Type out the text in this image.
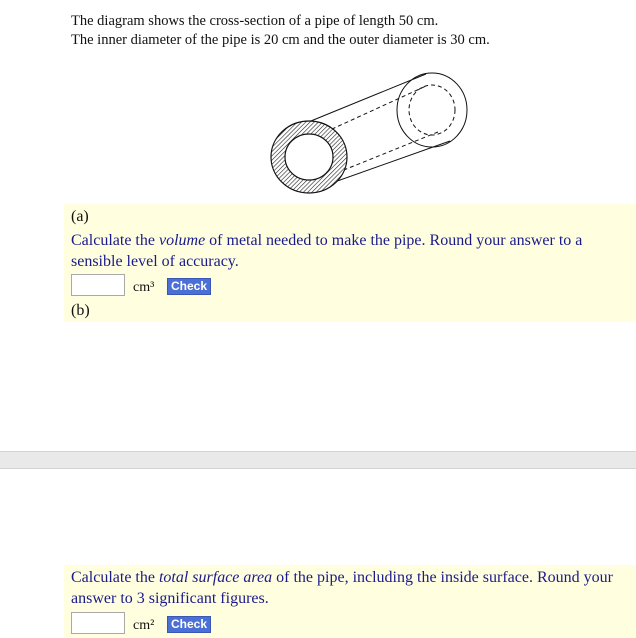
The diagram shows the cross-section of a pipe of length 50 cm.
The inner diameter of the pipe is 20 cm and the outer diameter is 30 cm.
(a)
Calculate the volume of metal needed to make the pipe. Round your answer to a sensible level of accuracy.
cm³	Check
(b)
Calculate the total surface area of the pipe, including the inside surface. Round your answer to 3 significant figures.
cm²	Check
